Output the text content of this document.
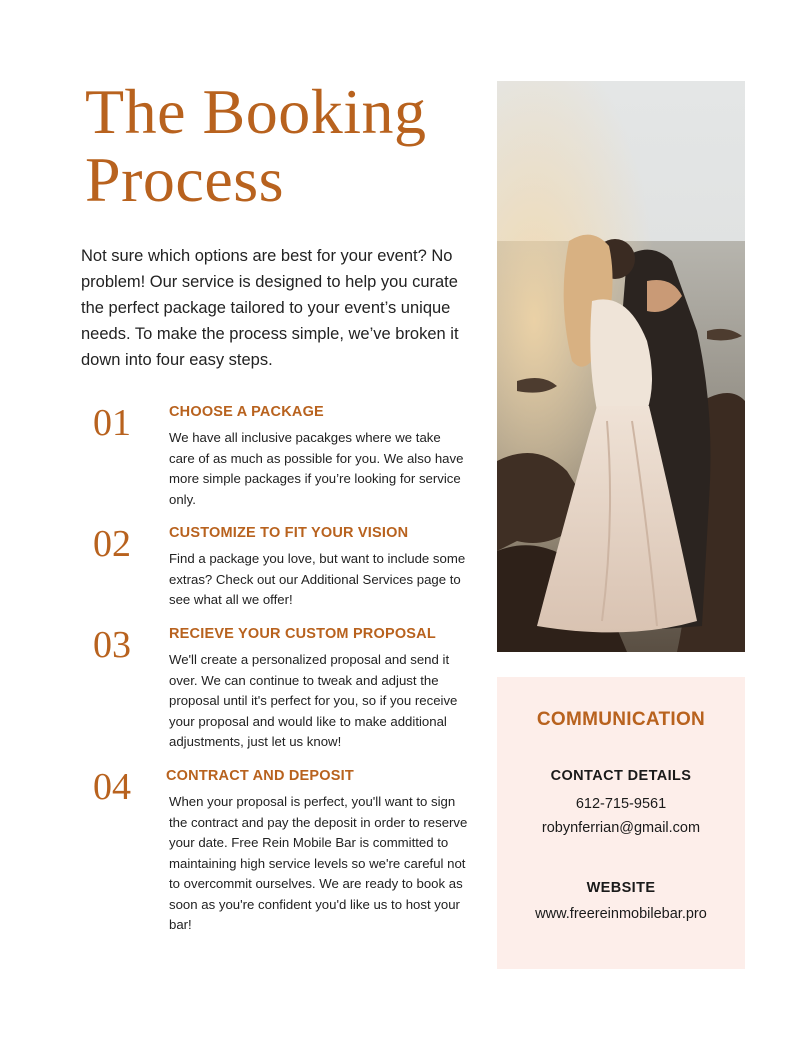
The Booking
Process

Not sure which options are best for your event? No problem! Our service is designed to help you curate the perfect package tailored to your event’s unique needs. To make the process simple, we’ve broken it down into four easy steps.

01	CHOOSE A PACKAGE

We have all inclusive pacakges where we take care of as much as possible for you. We also have more simple packages if you’re looking for service only.

02	CUSTOMIZE TO FIT YOUR VISION

Find a package you love, but want to include some extras? Check out our Additional Services page to see what all we offer!

03	RECIEVE YOUR CUSTOM PROPOSAL

We'll create a personalized proposal and send it over. We can continue to tweak and adjust the proposal until it's perfect for you, so if you receive your proposal and would like to make additional adjustments, just let us know!

04 CONTRACT AND DEPOSIT

When your proposal is perfect, you'll want to sign the contract and pay the deposit in order to reserve your date. Free Rein Mobile Bar is committed to maintaining high service levels so we're careful not to overcommit ourselves. We are ready to book as soon as you're confident you'd like us to host your bar!

COMMUNICATION
CONTACT DETAILS
612-715-9561
robynferrian@gmail.com
WEBSITE
www.freereinmobilebar.pro
